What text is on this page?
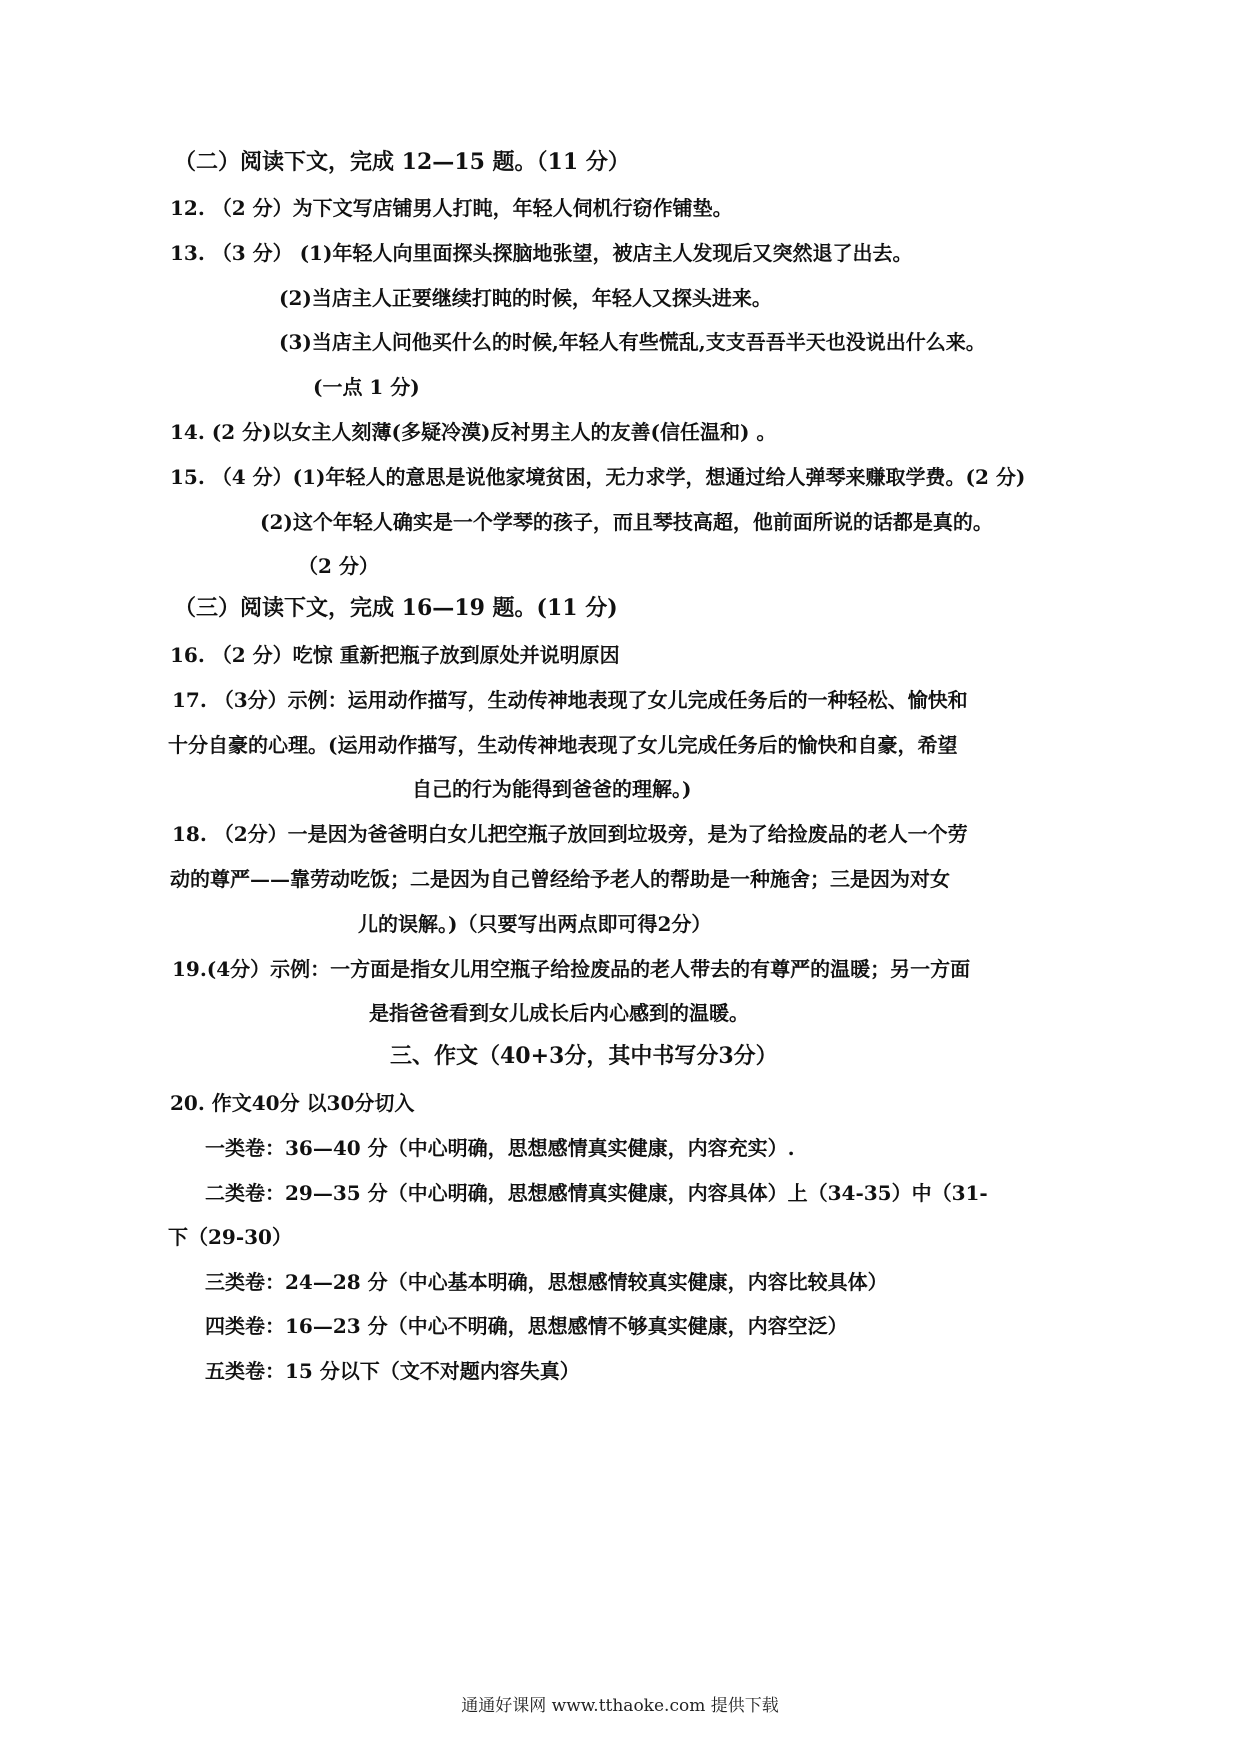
（二）阅读下文，完成 12—15 题。（11 分）
12. （2 分）为下文写店铺男人打盹，年轻人伺机行窃作铺垫。
13. （3 分） (1)年轻人向里面探头探脑地张望，被店主人发现后又突然退了出去。
(2)当店主人正要继续打盹的时候，年轻人又探头进来。
(3)当店主人问他买什么的时候,年轻人有些慌乱,支支吾吾半天也没说出什么来。
(一点 1 分)
14. (2 分)以女主人刻薄(多疑冷漠)反衬男主人的友善(信任温和) 。
15. （4 分）(1)年轻人的意思是说他家境贫困，无力求学，想通过给人弹琴来赚取学费。(2 分)
(2)这个年轻人确实是一个学琴的孩子，而且琴技高超，他前面所说的话都是真的。
（2 分）
（三）阅读下文，完成 16—19 题。(11 分)
16. （2 分）吃惊 重新把瓶子放到原处并说明原因
17. （3分）示例：运用动作描写，生动传神地表现了女儿完成任务后的一种轻松、愉快和
十分自豪的心理。(运用动作描写，生动传神地表现了女儿完成任务后的愉快和自豪，希望
自己的行为能得到爸爸的理解。)
18. （2分）一是因为爸爸明白女儿把空瓶子放回到垃圾旁，是为了给捡废品的老人一个劳
动的尊严——靠劳动吃饭；二是因为自己曾经给予老人的帮助是一种施舍；三是因为对女
儿的误解。)（只要写出两点即可得2分）
19.(4分）示例：一方面是指女儿用空瓶子给捡废品的老人带去的有尊严的温暖；另一方面
是指爸爸看到女儿成长后内心感到的温暖。
三、作文（40+3分，其中书写分3分）
20. 作文40分 以30分切入
一类卷：36—40 分（中心明确，思想感情真实健康，内容充实）.
二类卷：29—35 分（中心明确，思想感情真实健康，内容具体）上（34-35）中（31-
下（29-30）
三类卷：24—28 分（中心基本明确，思想感情较真实健康，内容比较具体）
四类卷：16—23 分（中心不明确，思想感情不够真实健康，内容空泛）
五类卷：15 分以下（文不对题内容失真）
通通好课网 www.tthaoke.com 提供下载
